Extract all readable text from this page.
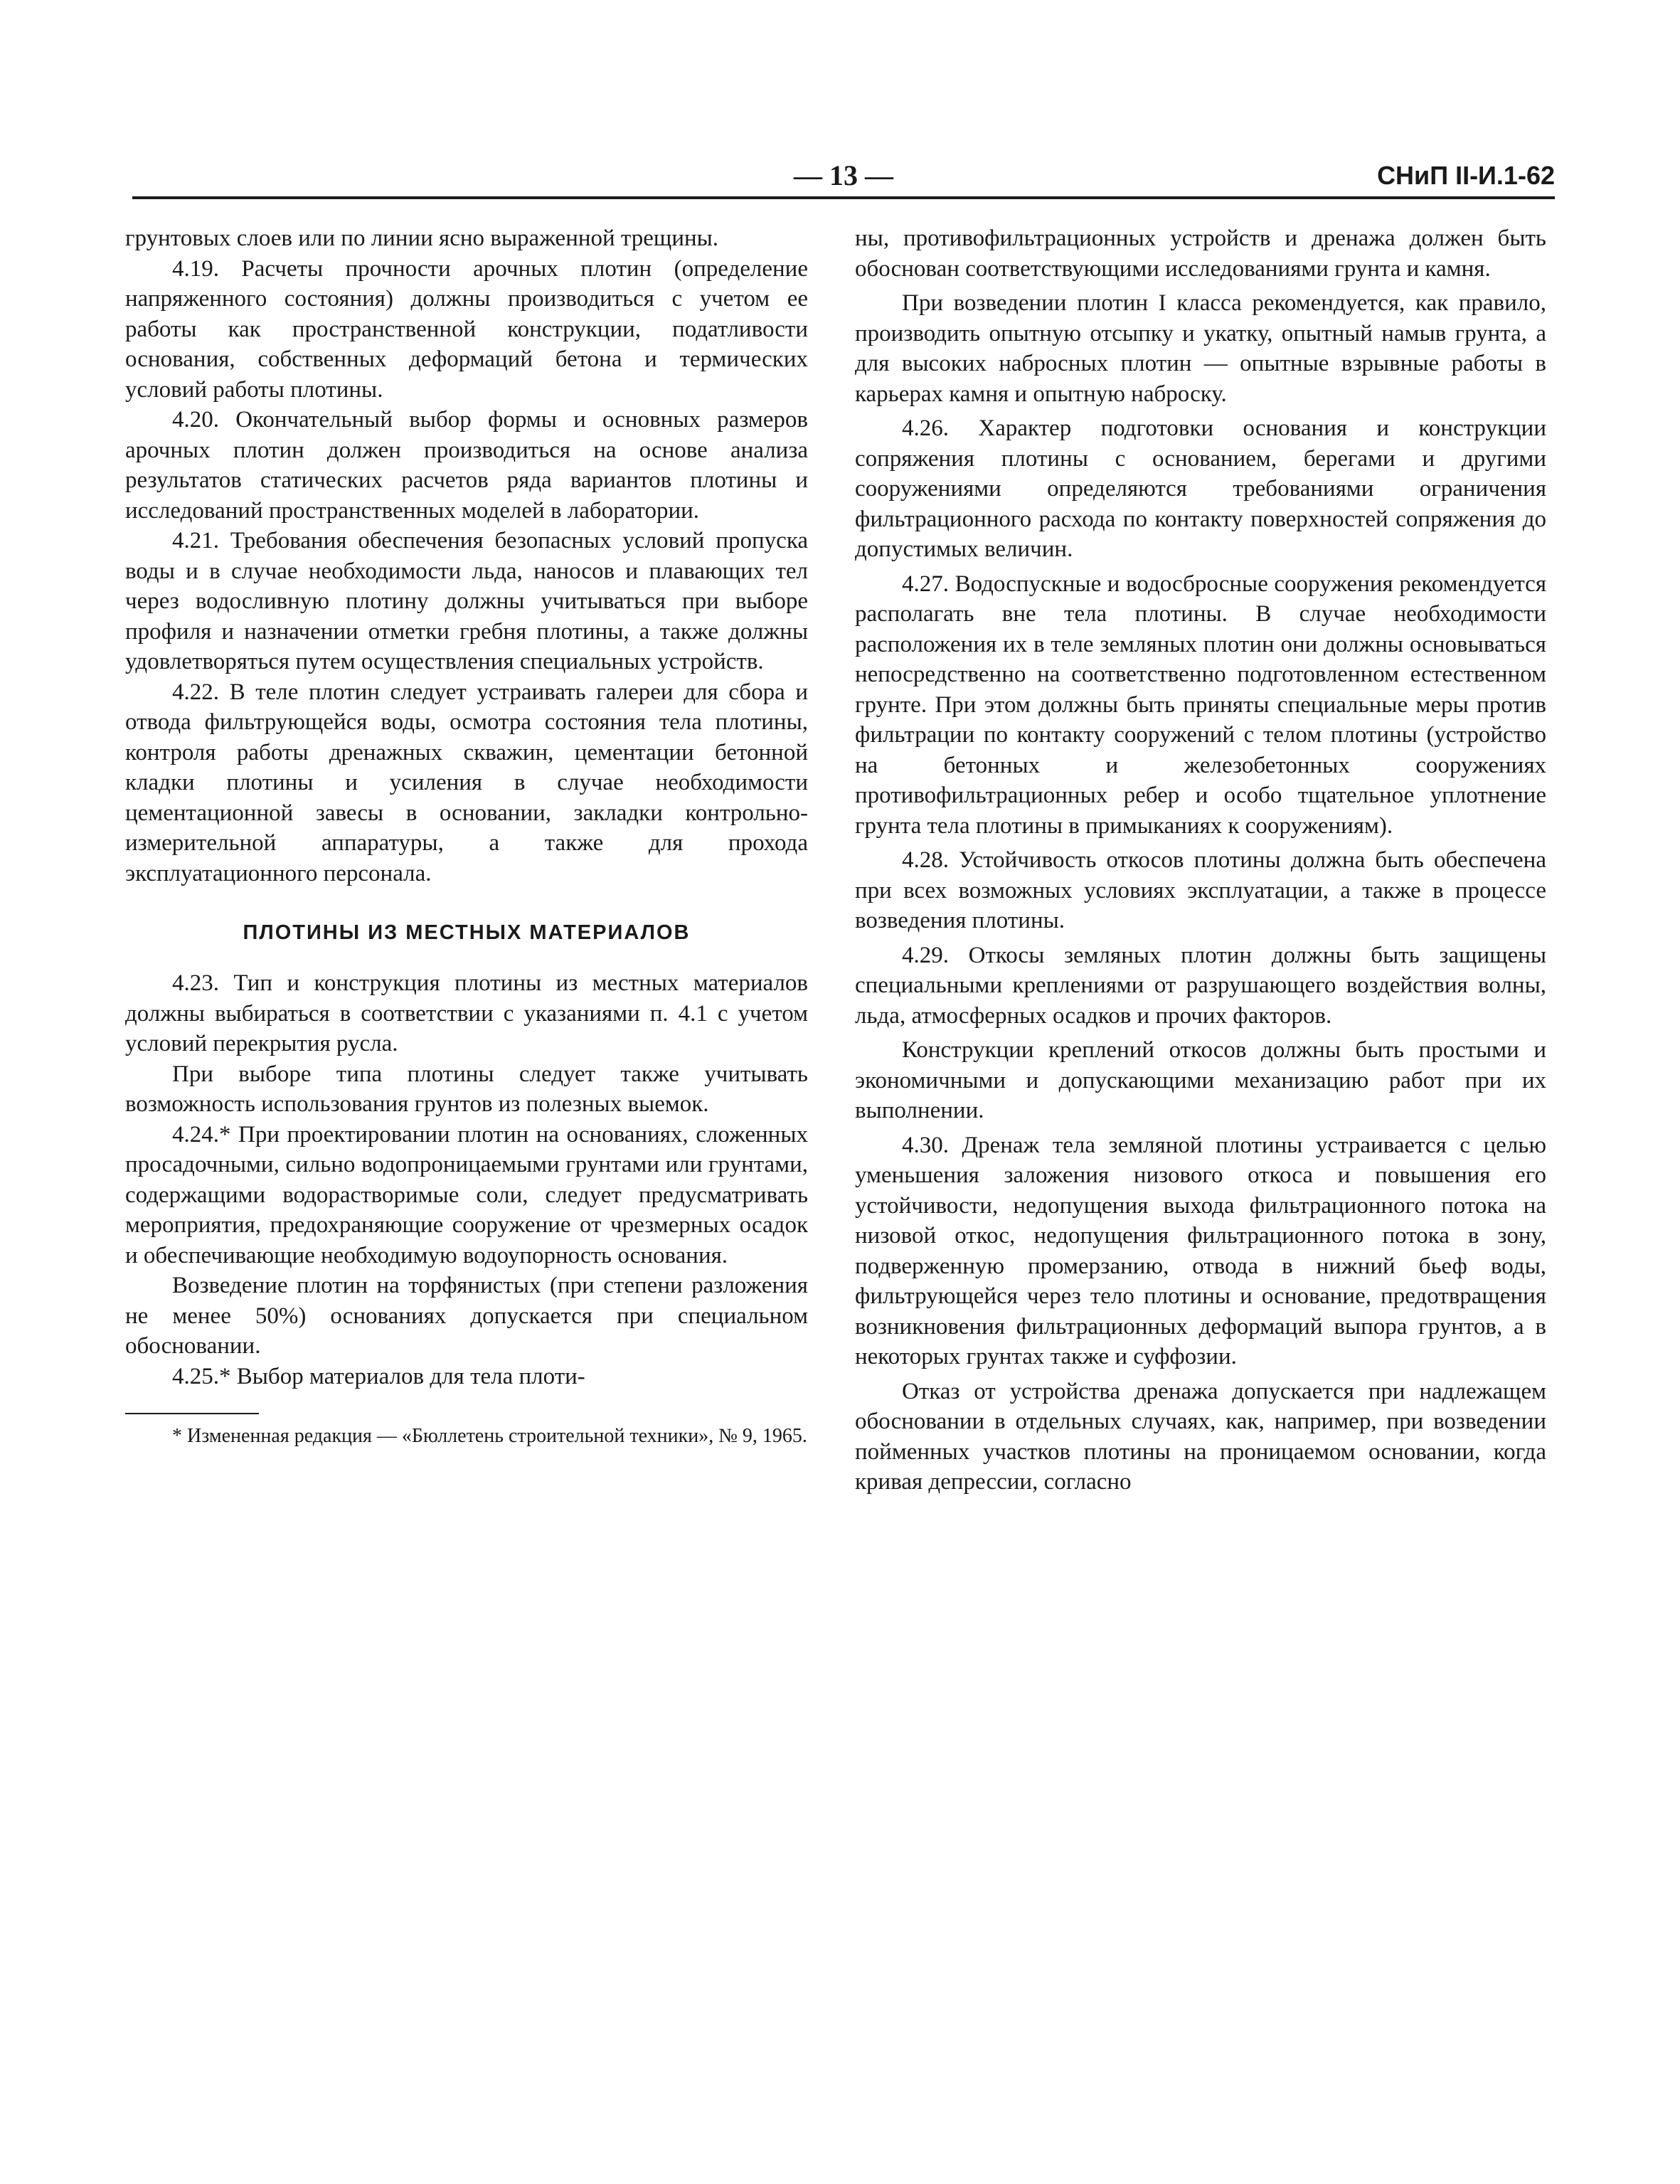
— 13 —	СНиП II-И.1-62

грунтовых слоев или по линии ясно выраженной трещины.

4.19. Расчеты прочности арочных плотин (определение напряженного состояния) должны производиться с учетом ее работы как пространственной конструкции, податливости основания, собственных деформаций бетона и термических условий работы плотины.

4.20. Окончательный выбор формы и основных размеров арочных плотин должен производиться на основе анализа результатов статических расчетов ряда вариантов плотины и исследований пространственных моделей в лаборатории.

4.21. Требования обеспечения безопасных условий пропуска воды и в случае необходимости льда, наносов и плавающих тел через водосливную плотину должны учитываться при выборе профиля и назначении отметки гребня плотины, а также должны удовлетворяться путем осуществления специальных устройств.

4.22. В теле плотин следует устраивать галереи для сбора и отвода фильтрующейся воды, осмотра состояния тела плотины, контроля работы дренажных скважин, цементации бетонной кладки плотины и усиления в случае необходимости цементационной завесы в основании, закладки контрольно-измерительной аппаратуры, а также для прохода эксплуатационного персонала.

ПЛОТИНЫ ИЗ МЕСТНЫХ МАТЕРИАЛОВ

4.23. Тип и конструкция плотины из местных материалов должны выбираться в соответствии с указаниями п. 4.1 с учетом условий перекрытия русла.

При выборе типа плотины следует также учитывать возможность использования грунтов из полезных выемок.

4.24.* При проектировании плотин на основаниях, сложенных просадочными, сильно водопроницаемыми грунтами или грунтами, содержащими водорастворимые соли, следует предусматривать мероприятия, предохраняющие сооружение от чрезмерных осадок и обеспечивающие необходимую водоупорность основания.

Возведение плотин на торфянистых (при степени разложения не менее 50%) основаниях допускается при специальном обосновании.

4.25.* Выбор материалов для тела плоти-

* Измененная редакция — «Бюллетень строительной техники», № 9, 1965.

ны, противофильтрационных устройств и дренажа должен быть обоснован соответствующими исследованиями грунта и камня.

При возведении плотин I класса рекомендуется, как правило, производить опытную отсыпку и укатку, опытный намыв грунта, а для высоких набросных плотин — опытные взрывные работы в карьерах камня и опытную наброску.

4.26. Характер подготовки основания и конструкции сопряжения плотины с основанием, берегами и другими сооружениями определяются требованиями ограничения фильтрационного расхода по контакту поверхностей сопряжения до допустимых величин.

4.27. Водоспускные и водосбросные сооружения рекомендуется располагать вне тела плотины. В случае необходимости расположения их в теле земляных плотин они должны основываться непосредственно на соответственно подготовленном естественном грунте. При этом должны быть приняты специальные меры против фильтрации по контакту сооружений с телом плотины (устройство на бетонных и железобетонных сооружениях противофильтрационных ребер и особо тщательное уплотнение грунта тела плотины в примыканиях к сооружениям).

4.28. Устойчивость откосов плотины должна быть обеспечена при всех возможных условиях эксплуатации, а также в процессе возведения плотины.

4.29. Откосы земляных плотин должны быть защищены специальными креплениями от разрушающего воздействия волны, льда, атмосферных осадков и прочих факторов.

Конструкции креплений откосов должны быть простыми и экономичными и допускающими механизацию работ при их выполнении.

4.30. Дренаж тела земляной плотины устраивается с целью уменьшения заложения низового откоса и повышения его устойчивости, недопущения выхода фильтрационного потока на низовой откос, недопущения фильтрационного потока в зону, подверженную промерзанию, отвода в нижний бьеф воды, фильтрующейся через тело плотины и основание, предотвращения возникновения фильтрационных деформаций выпора грунтов, а в некоторых грунтах также и суффозии.

Отказ от устройства дренажа допускается при надлежащем обосновании в отдельных случаях, как, например, при возведении пойменных участков плотины на проницаемом основании, когда кривая депрессии, согласно
